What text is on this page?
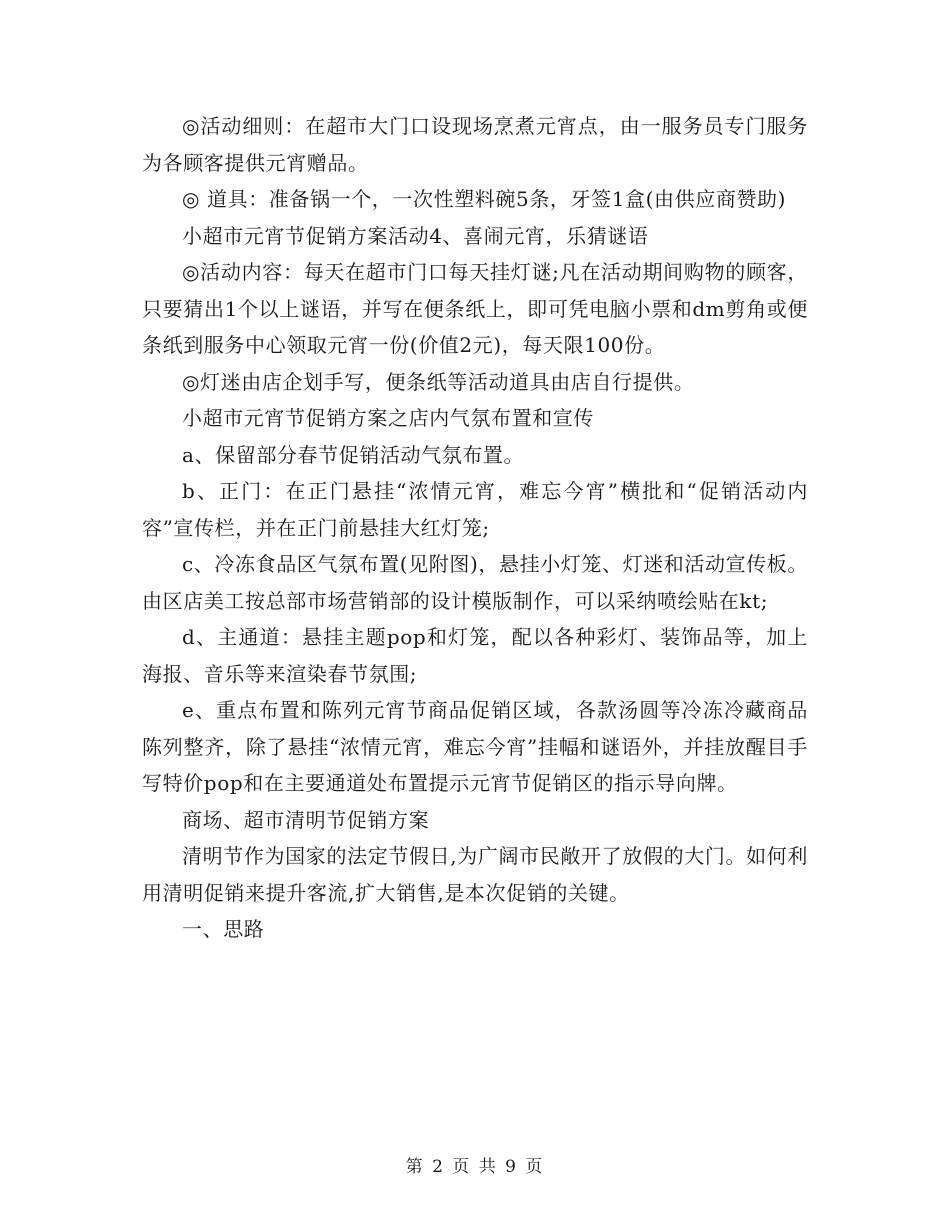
◎活动细则：在超市大门口设现场烹煮元宵点，由一服务员专门服务为各顾客提供元宵赠品。

◎ 道具：准备锅一个，一次性塑料碗5条，牙签1盒(由供应商赞助)

小超市元宵节促销方案活动4、喜闹元宵，乐猜谜语

◎活动内容：每天在超市门口每天挂灯谜;凡在活动期间购物的顾客，只要猜出1个以上谜语，并写在便条纸上，即可凭电脑小票和dm剪角或便条纸到服务中心领取元宵一份(价值2元)，每天限100份。

◎灯迷由店企划手写，便条纸等活动道具由店自行提供。

小超市元宵节促销方案之店内气氛布置和宣传

a、保留部分春节促销活动气氛布置。

b、正门：在正门悬挂“浓情元宵，难忘今宵”横批和“促销活动内容”宣传栏，并在正门前悬挂大红灯笼;

c、冷冻食品区气氛布置(见附图)，悬挂小灯笼、灯迷和活动宣传板。由区店美工按总部市场营销部的设计模版制作，可以采纳喷绘贴在kt;

d、主通道：悬挂主题pop和灯笼，配以各种彩灯、装饰品等，加上海报、音乐等来渲染春节氛围;

e、重点布置和陈列元宵节商品促销区域，各款汤圆等冷冻冷藏商品陈列整齐，除了悬挂“浓情元宵，难忘今宵”挂幅和谜语外，并挂放醒目手写特价pop和在主要通道处布置提示元宵节促销区的指示导向牌。

商场、超市清明节促销方案

清明节作为国家的法定节假日,为广阔市民敞开了放假的大门。如何利用清明促销来提升客流,扩大销售,是本次促销的关键。

一、思路

第 2 页 共 9 页
